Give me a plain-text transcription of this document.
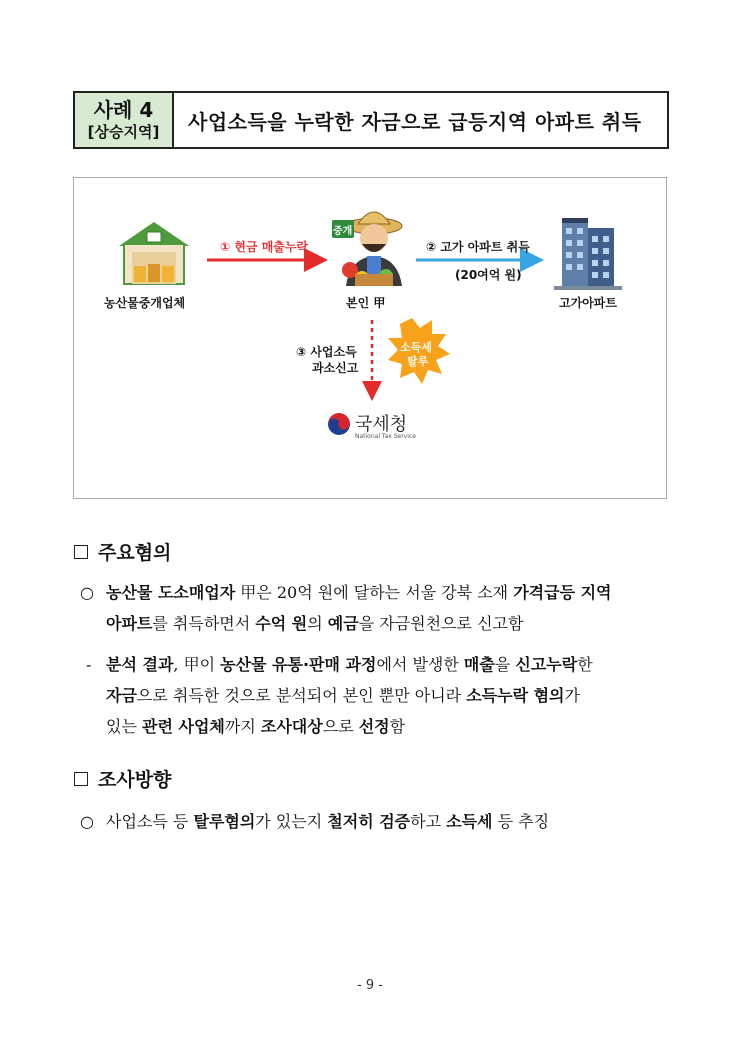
사례 4
[상승지역]	사업소득을 누락한 자금으로 급등지역 아파트 취득
농산물중개업체
중개
본인 甲	고가아파트
① 현금 매출누락	② 고가 아파트 취득
(20여억 원)
③ 사업소득
과소신고
소득세
탈루
국세청
National Tax Service
주요혐의
○ 농산물 도소매업자 甲은 20억 원에 달하는 서울 강북 소재 가격급등 지역
아파트를 취득하면서 수억 원의 예금을 자금원천으로 신고함
- 분석 결과, 甲이 농산물 유통·판매 과정에서 발생한 매출을 신고누락한
자금으로 취득한 것으로 분석되어 본인 뿐만 아니라 소득누락 혐의가
있는 관련 사업체까지 조사대상으로 선정함
조사방향
○ 사업소득 등 탈루혐의가 있는지 철저히 검증하고 소득세 등 추징
- 9 -
